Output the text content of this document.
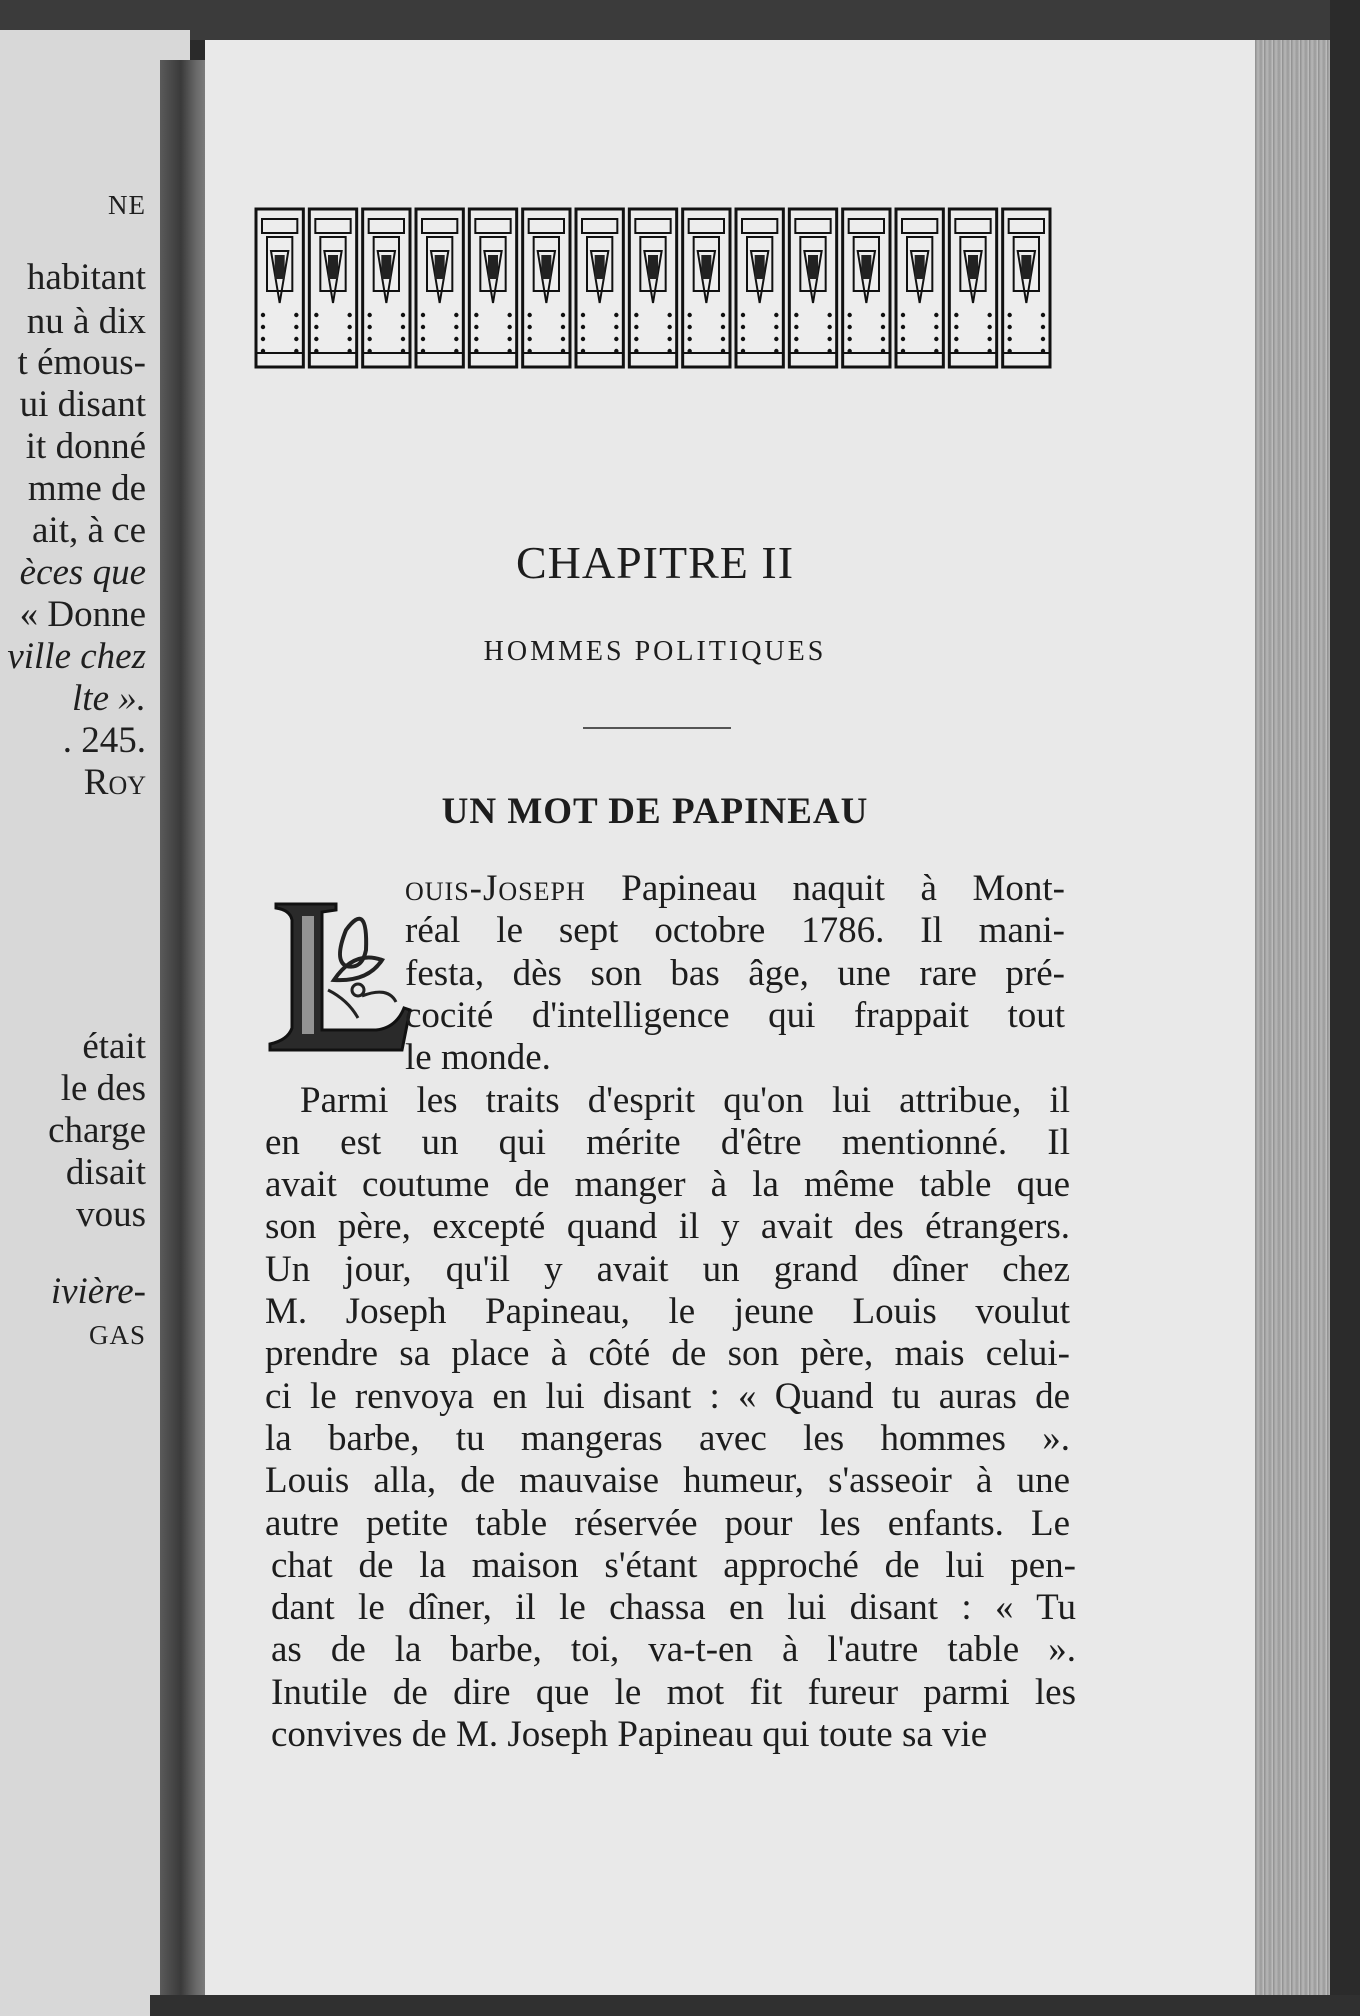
NE
habitant
nu à dix
t émous-
ui disant
it donné
mme de
ait, à ce
èces que
« Donne
ville chez
lte ».
. 245.
Roy
était
le des
charge
disait
vous
ivière-
GAS
CHAPITRE II
HOMMES POLITIQUES
UN MOT DE PAPINEAU
ouis-Joseph Papineau naquit à Mont-
réal le sept octobre 1786. Il mani-
festa, dès son bas âge, une rare pré-
cocité d'intelligence qui frappait tout
le monde.
Parmi les traits d'esprit qu'on lui attribue, il
en est un qui mérite d'être mentionné. Il
avait coutume de manger à la même table que
son père, excepté quand il y avait des étrangers.
Un jour, qu'il y avait un grand dîner chez
M. Joseph Papineau, le jeune Louis voulut
prendre sa place à côté de son père, mais celui-
ci le renvoya en lui disant : « Quand tu auras de
la barbe, tu mangeras avec les hommes ».
Louis alla, de mauvaise humeur, s'asseoir à une
autre petite table réservée pour les enfants. Le
chat de la maison s'étant approché de lui pen-
dant le dîner, il le chassa en lui disant : « Tu
as de la barbe, toi, va-t-en à l'autre table ».
Inutile de dire que le mot fit fureur parmi les
convives de M. Joseph Papineau qui toute sa vie
